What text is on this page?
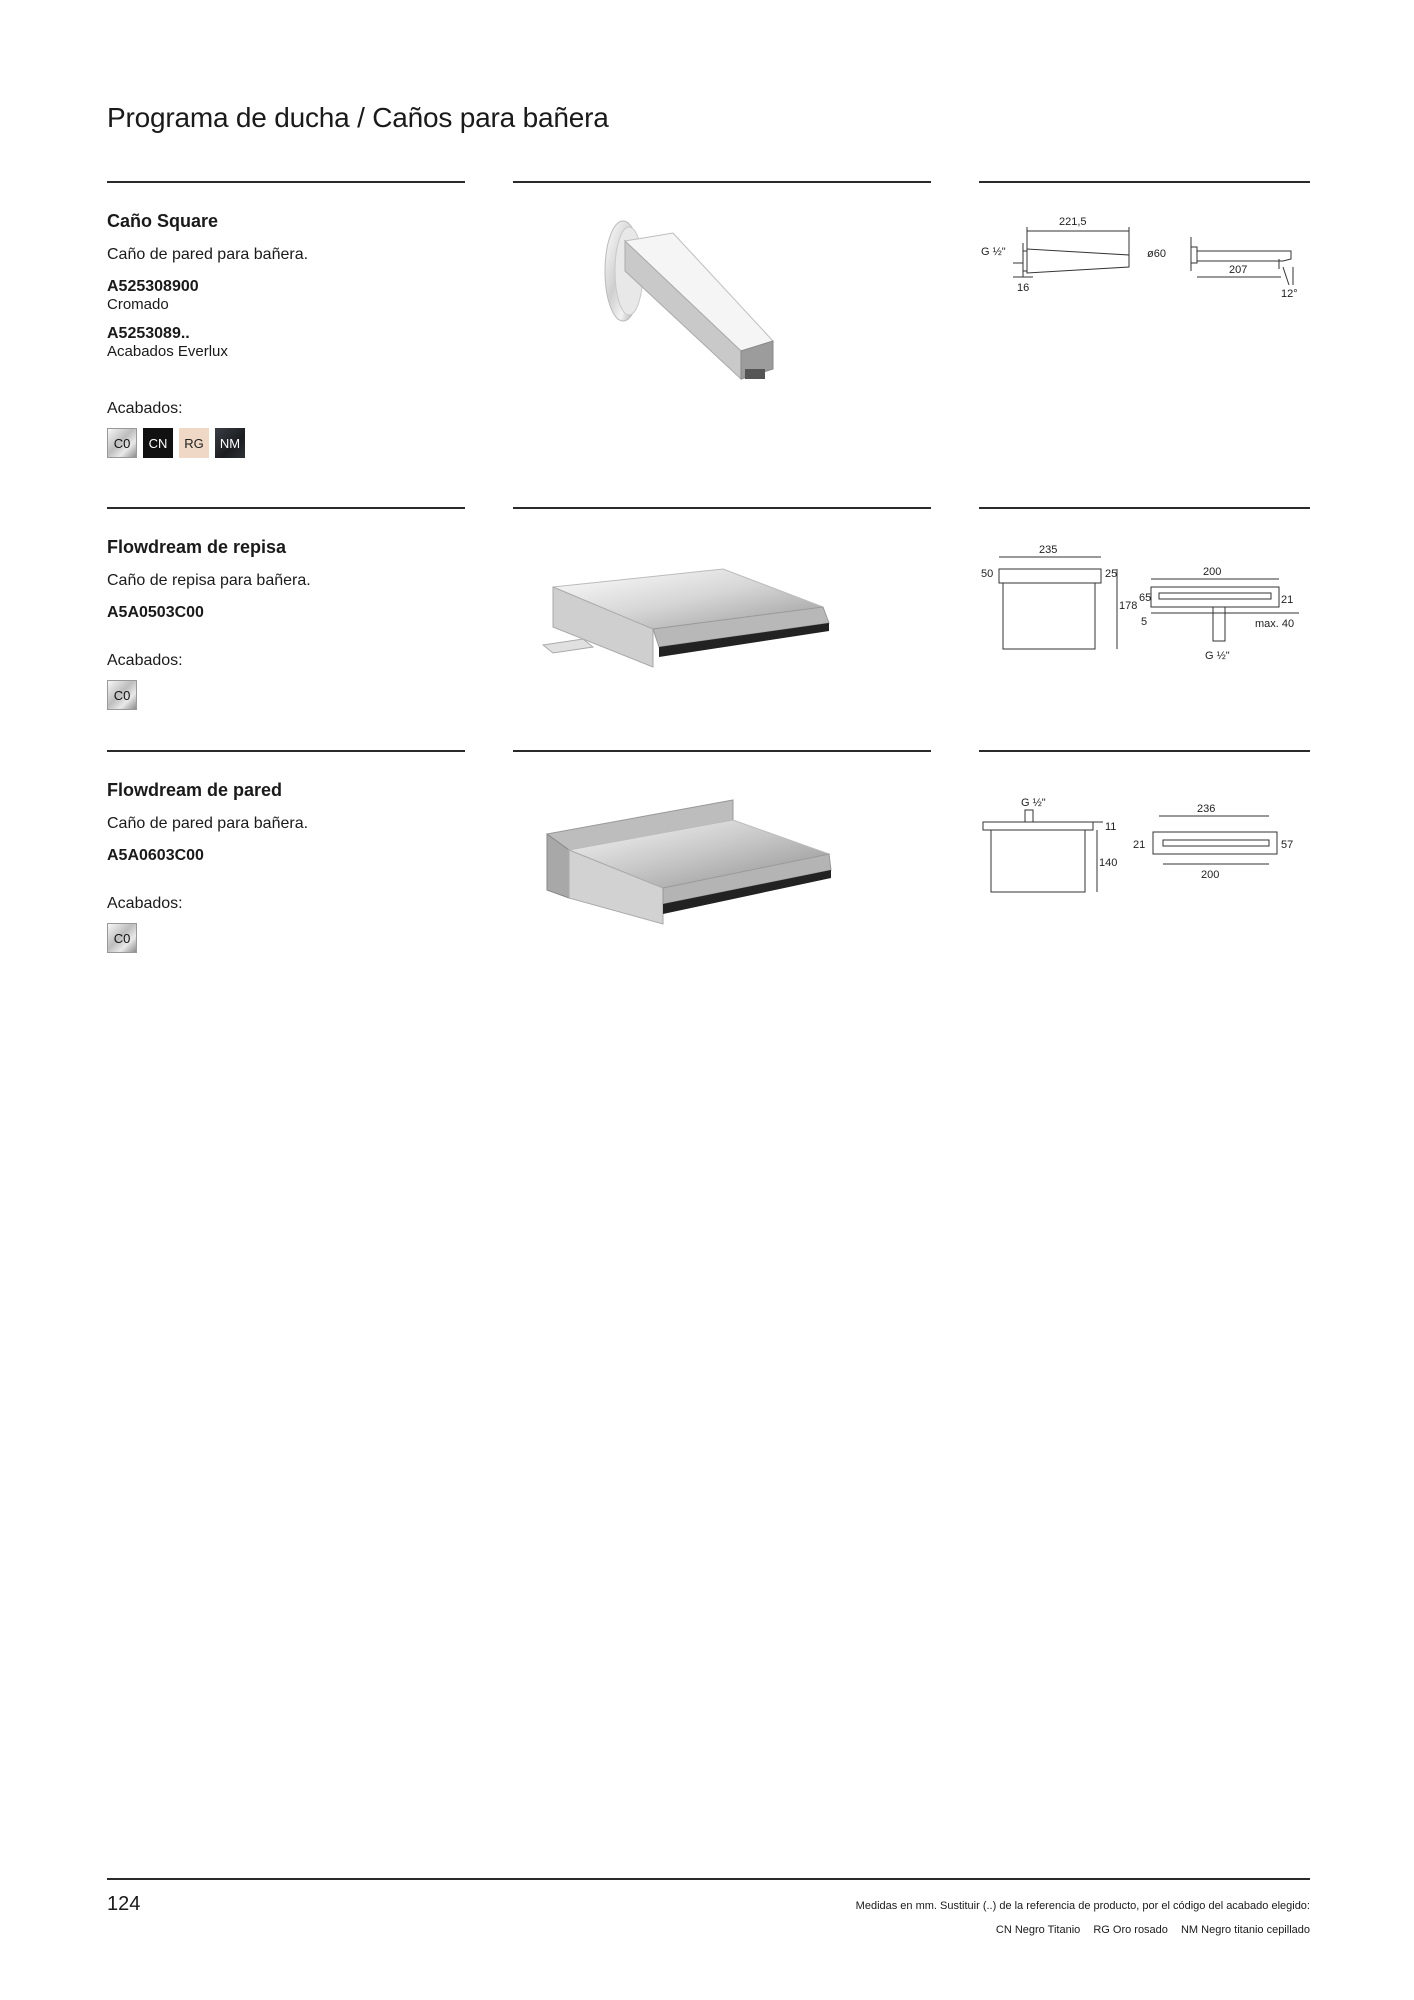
Programa de ducha / Caños para bañera

Caño Square

Caño de pared para bañera.

A525308900

Cromado

A5253089..

Acabados Everlux

Acabados:

C0	CN	RG	NM
221,5
G ½"
16
ø60
207
12°

Flowdream de repisa

Caño de repisa para bañera.

A5A0503C00

Acabados:

C0
235
50	25
178
200
65
5
21
max. 40
G ½"

Flowdream de pared

Caño de pared para bañera.

A5A0603C00

Acabados:

C0
G ½"
11
140
236
21	57
200
124	Medidas en mm. Sustituir (..) de la referencia de producto, por el código del acabado elegido:
CN Negro Titanio RG Oro rosado NM Negro titanio cepillado
